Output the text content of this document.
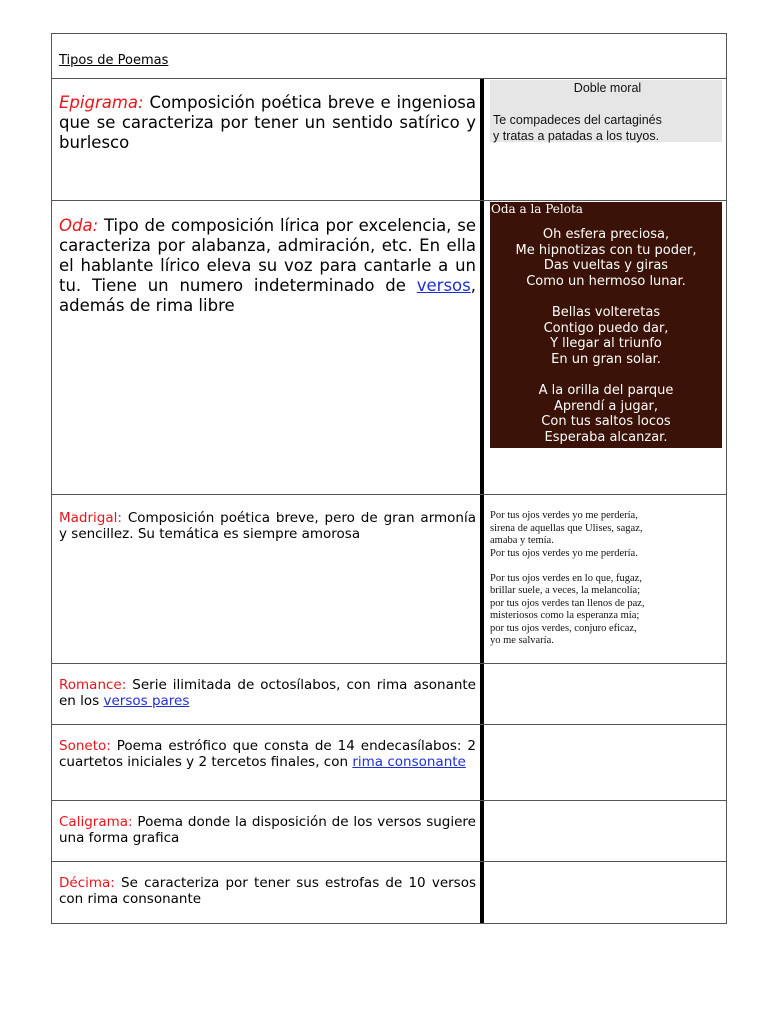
Tipos de Poemas
Epigrama: Composición poética breve e ingeniosa que se caracteriza por tener un sentido satírico y burlesco
Doble moral
Te compadeces del cartaginés
y tratas a patadas a los tuyos.
Oda: Tipo de composición lírica por excelencia, se caracteriza por alabanza, admiración, etc. En ella el hablante lírico eleva su voz para cantarle a un tu. Tiene un numero indeterminado de versos, además de rima libre
Oda a la Pelota
Oh esfera preciosa,
Me hipnotizas con tu poder,
Das vueltas y giras
Como un hermoso lunar.
Bellas volteretas
Contigo puedo dar,
Y llegar al triunfo
En un gran solar.
A la orilla del parque
Aprendí a jugar,
Con tus saltos locos
Esperaba alcanzar.
Madrigal: Composición poética breve, pero de gran armonía y sencillez. Su temática es siempre amorosa
Por tus ojos verdes yo me perdería,
sirena de aquellas que Ulises, sagaz,
amaba y temía.
Por tus ojos verdes yo me perdería.
Por tus ojos verdes en lo que, fugaz,
brillar suele, a veces, la melancolía;
por tus ojos verdes tan llenos de paz,
misteriosos como la esperanza mía;
por tus ojos verdes, conjuro eficaz,
yo me salvaría.
Romance: Serie ilimitada de octosílabos, con rima asonante en los versos pares
Soneto: Poema estrófico que consta de 14 endecasílabos: 2 cuartetos iniciales y 2 tercetos finales, con rima consonante
Caligrama: Poema donde la disposición de los versos sugiere una forma grafica
Décima: Se caracteriza por tener sus estrofas de 10 versos con rima consonante
